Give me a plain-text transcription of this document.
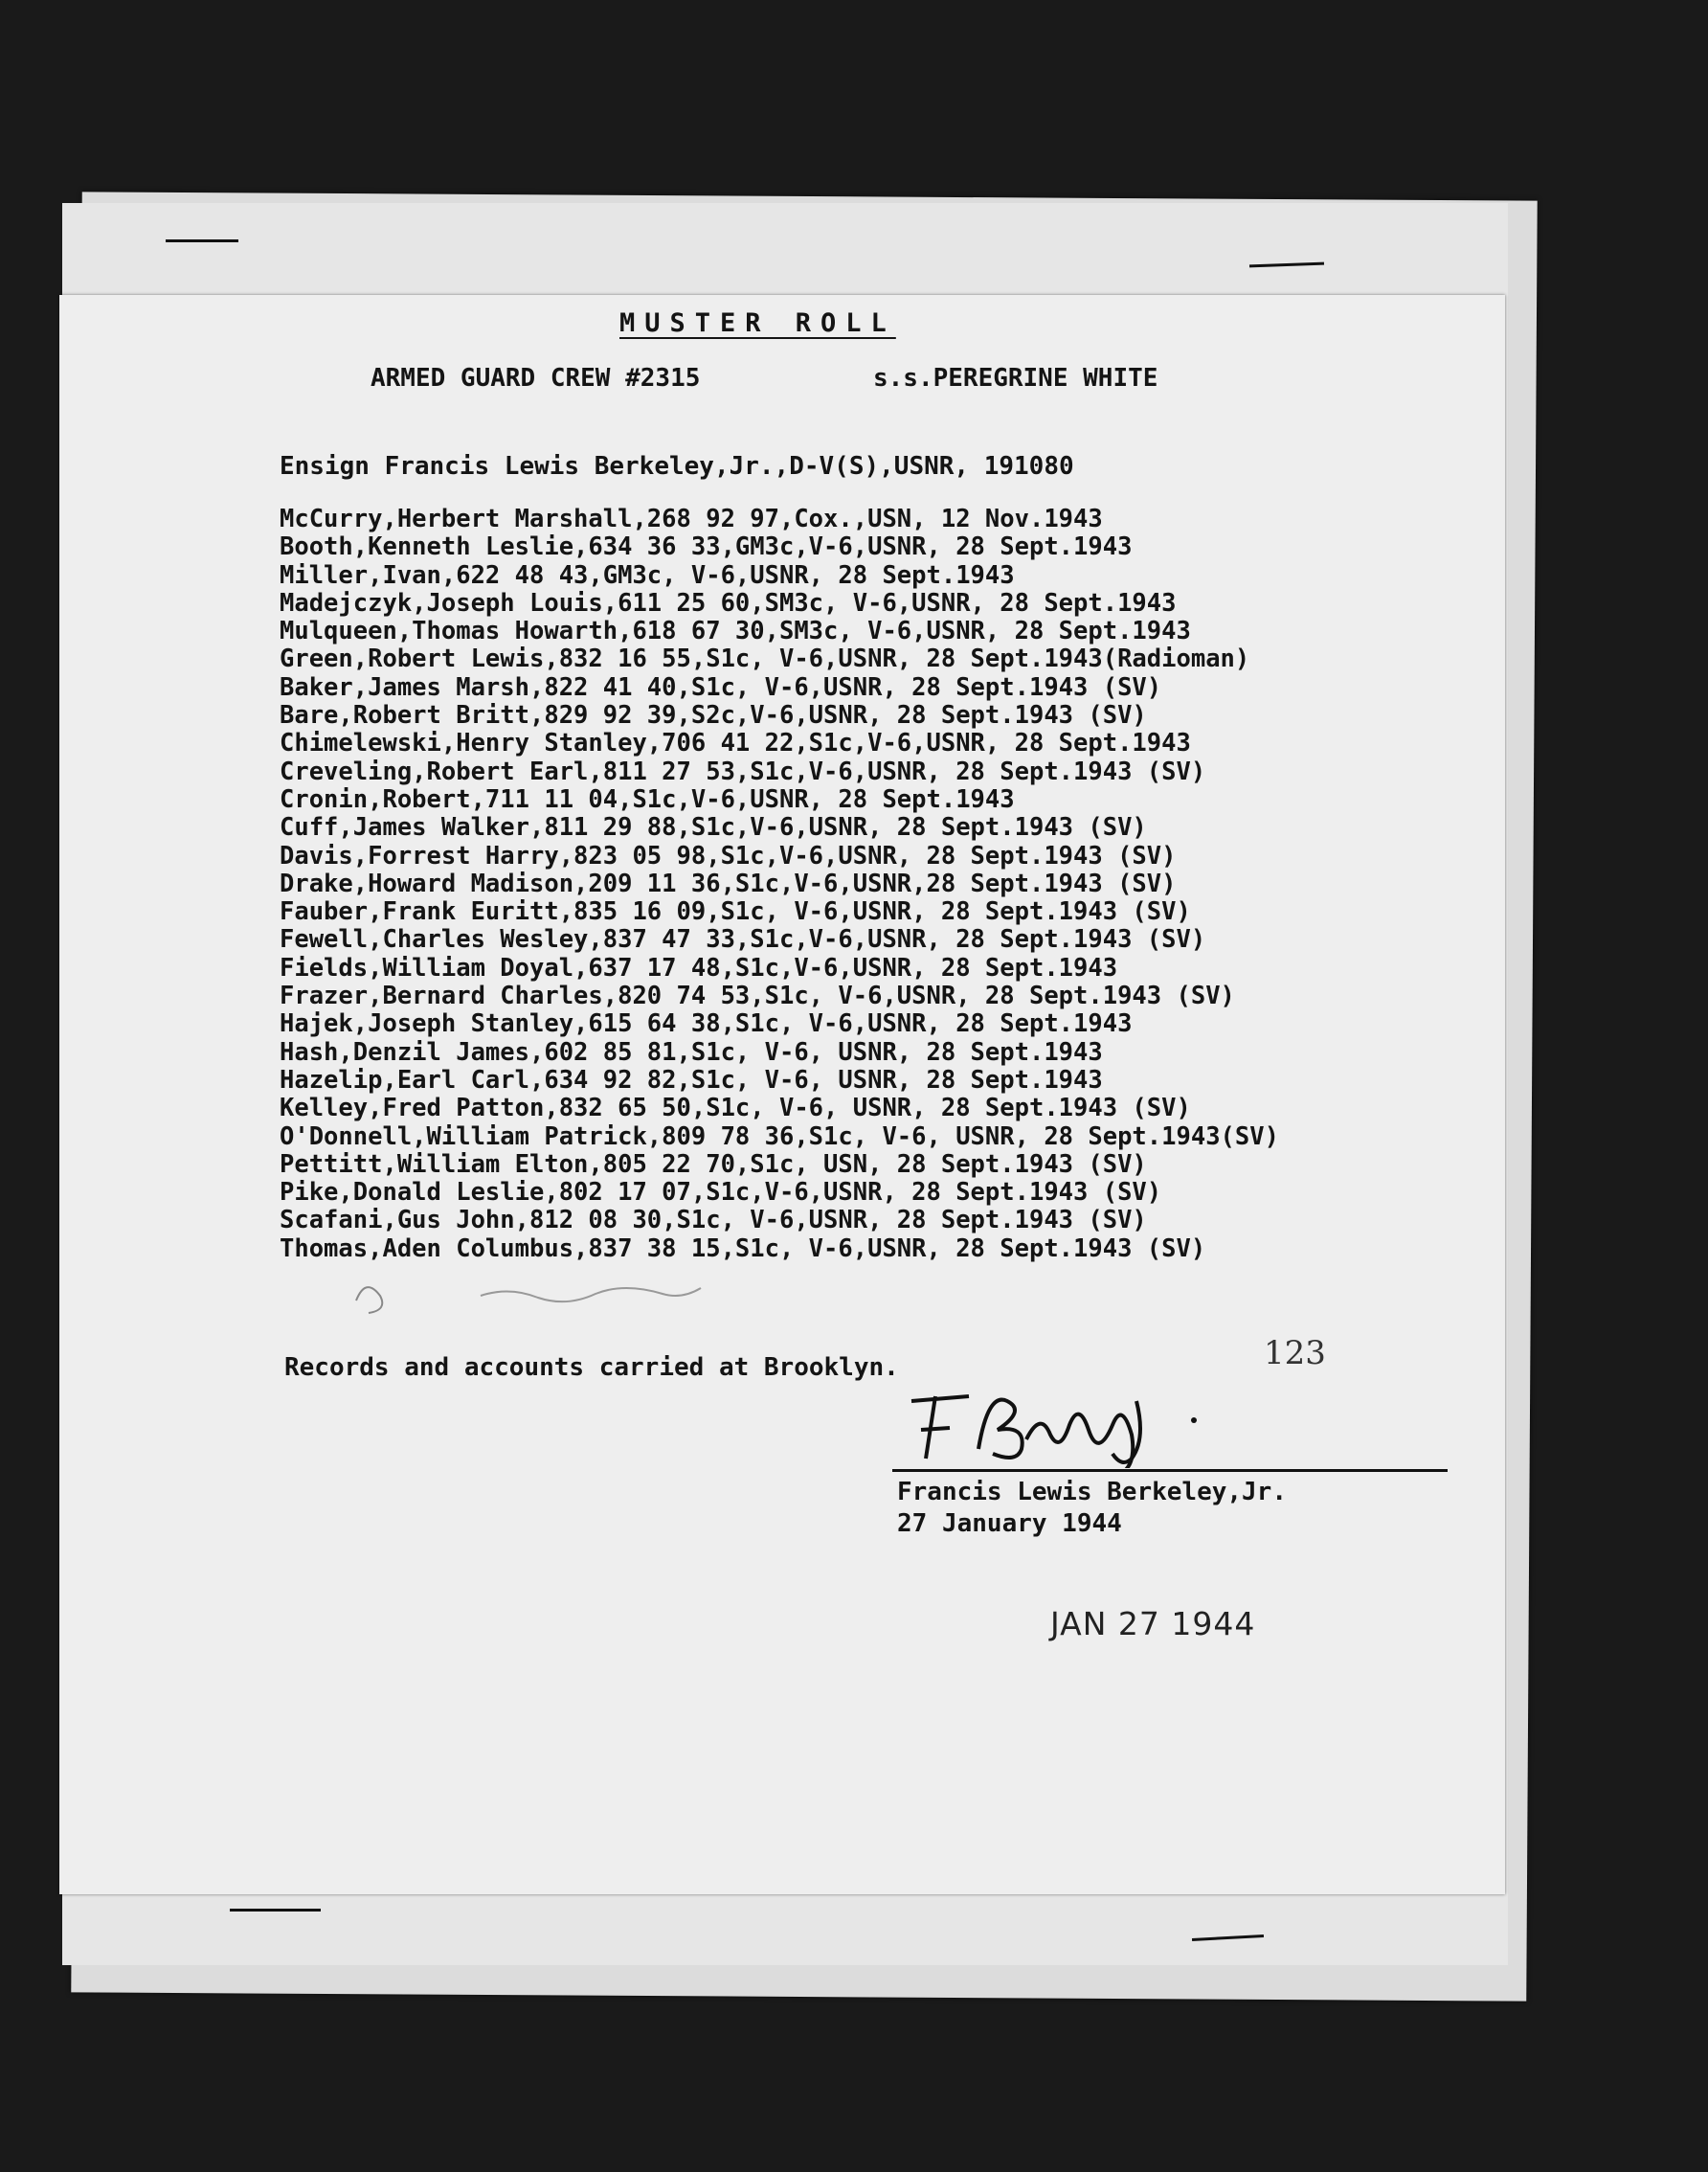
MUSTER ROLL
ARMED GUARD CREW #2315	s.s.PEREGRINE WHITE
Ensign Francis Lewis Berkeley,Jr.,D-V(S),USNR, 191080
McCurry,Herbert Marshall,268 92 97,Cox.,USN, 12 Nov.1943
Booth,Kenneth Leslie,634 36 33,GM3c,V-6,USNR, 28 Sept.1943
Miller,Ivan,622 48 43,GM3c, V-6,USNR, 28 Sept.1943
Madejczyk,Joseph Louis,611 25 60,SM3c, V-6,USNR, 28 Sept.1943
Mulqueen,Thomas Howarth,618 67 30,SM3c, V-6,USNR, 28 Sept.1943
Green,Robert Lewis,832 16 55,S1c, V-6,USNR, 28 Sept.1943(Radioman)
Baker,James Marsh,822 41 40,S1c, V-6,USNR, 28 Sept.1943 (SV)
Bare,Robert Britt,829 92 39,S2c,V-6,USNR, 28 Sept.1943 (SV)
Chimelewski,Henry Stanley,706 41 22,S1c,V-6,USNR, 28 Sept.1943
Creveling,Robert Earl,811 27 53,S1c,V-6,USNR, 28 Sept.1943 (SV)
Cronin,Robert,711 11 04,S1c,V-6,USNR, 28 Sept.1943
Cuff,James Walker,811 29 88,S1c,V-6,USNR, 28 Sept.1943 (SV)
Davis,Forrest Harry,823 05 98,S1c,V-6,USNR, 28 Sept.1943 (SV)
Drake,Howard Madison,209 11 36,S1c,V-6,USNR,28 Sept.1943 (SV)
Fauber,Frank Euritt,835 16 09,S1c, V-6,USNR, 28 Sept.1943 (SV)
Fewell,Charles Wesley,837 47 33,S1c,V-6,USNR, 28 Sept.1943 (SV)
Fields,William Doyal,637 17 48,S1c,V-6,USNR, 28 Sept.1943
Frazer,Bernard Charles,820 74 53,S1c, V-6,USNR, 28 Sept.1943 (SV)
Hajek,Joseph Stanley,615 64 38,S1c, V-6,USNR, 28 Sept.1943
Hash,Denzil James,602 85 81,S1c, V-6, USNR, 28 Sept.1943
Hazelip,Earl Carl,634 92 82,S1c, V-6, USNR, 28 Sept.1943
Kelley,Fred Patton,832 65 50,S1c, V-6, USNR, 28 Sept.1943 (SV)
O'Donnell,William Patrick,809 78 36,S1c, V-6, USNR, 28 Sept.1943(SV)
Pettitt,William Elton,805 22 70,S1c, USN, 28 Sept.1943 (SV)
Pike,Donald Leslie,802 17 07,S1c,V-6,USNR, 28 Sept.1943 (SV)
Scafani,Gus John,812 08 30,S1c, V-6,USNR, 28 Sept.1943 (SV)
Thomas,Aden Columbus,837 38 15,S1c, V-6,USNR, 28 Sept.1943 (SV)
Records and accounts carried at Brooklyn.	123
Francis Lewis Berkeley,Jr.
27 January 1944
JAN 27 1944
